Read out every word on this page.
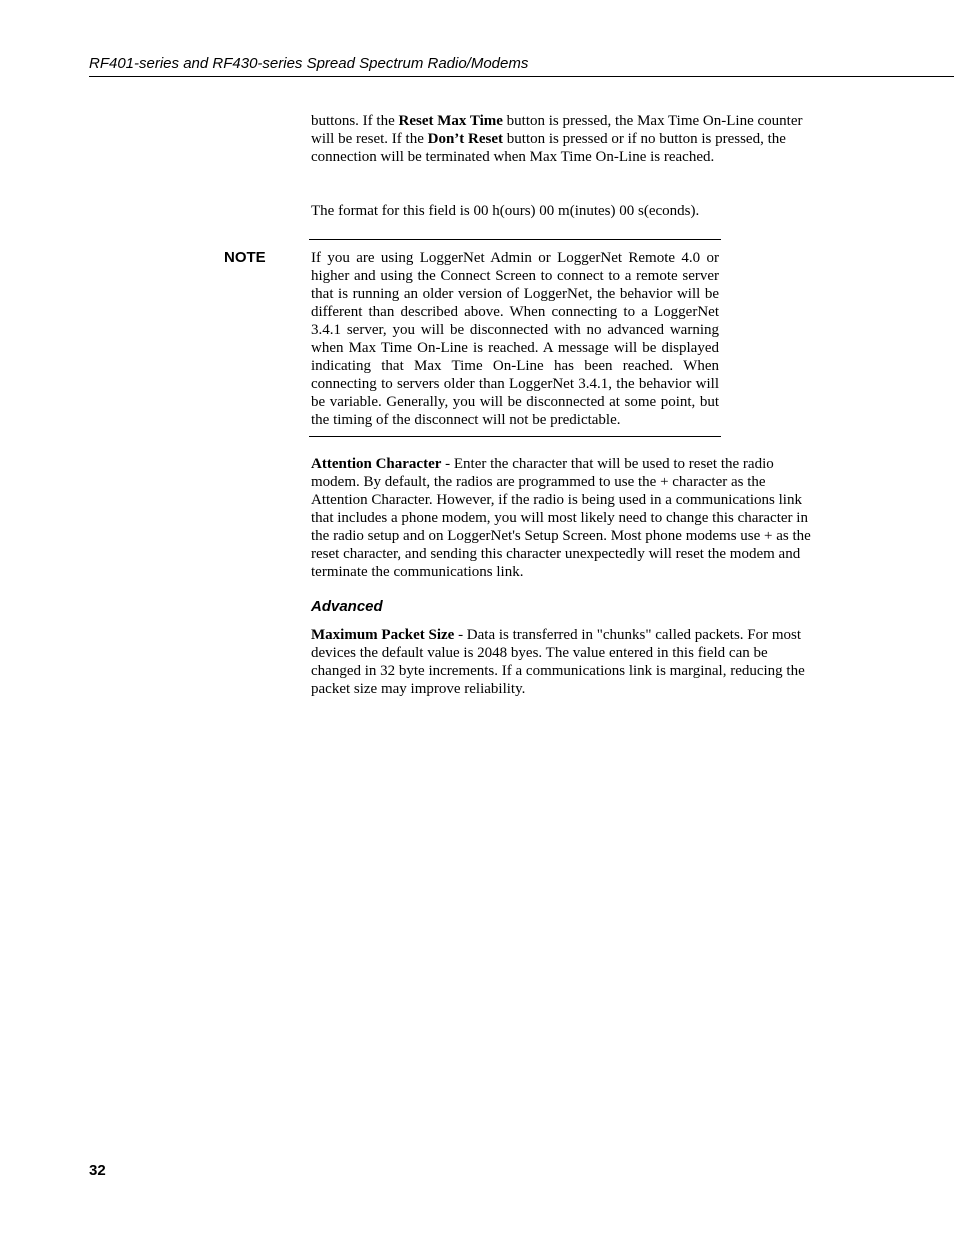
RF401-series and RF430-series Spread Spectrum Radio/Modems

buttons. If the Reset Max Time button is pressed, the Max Time On-Line counter will be reset. If the Don’t Reset button is pressed or if no button is pressed, the connection will be terminated when Max Time On-Line is reached.

The format for this field is 00 h(ours) 00 m(inutes) 00 s(econds).

NOTE	If you are using LoggerNet Admin or LoggerNet Remote 4.0 or higher and using the Connect Screen to connect to a remote server that is running an older version of LoggerNet, the behavior will be different than described above. When connecting to a LoggerNet 3.4.1 server, you will be disconnected with no advanced warning when Max Time On-Line is reached. A message will be displayed indicating that Max Time On-Line has been reached. When connecting to servers older than LoggerNet 3.4.1, the behavior will be variable. Generally, you will be disconnected at some point, but the timing of the disconnect will not be predictable.

Attention Character - Enter the character that will be used to reset the radio modem. By default, the radios are programmed to use the + character as the Attention Character. However, if the radio is being used in a communications link that includes a phone modem, you will most likely need to change this character in the radio setup and on LoggerNet's Setup Screen. Most phone modems use + as the reset character, and sending this character unexpectedly will reset the modem and terminate the communications link.

Advanced

Maximum Packet Size - Data is transferred in "chunks" called packets. For most devices the default value is 2048 byes. The value entered in this field can be changed in 32 byte increments. If a communications link is marginal, reducing the packet size may improve reliability.

32
